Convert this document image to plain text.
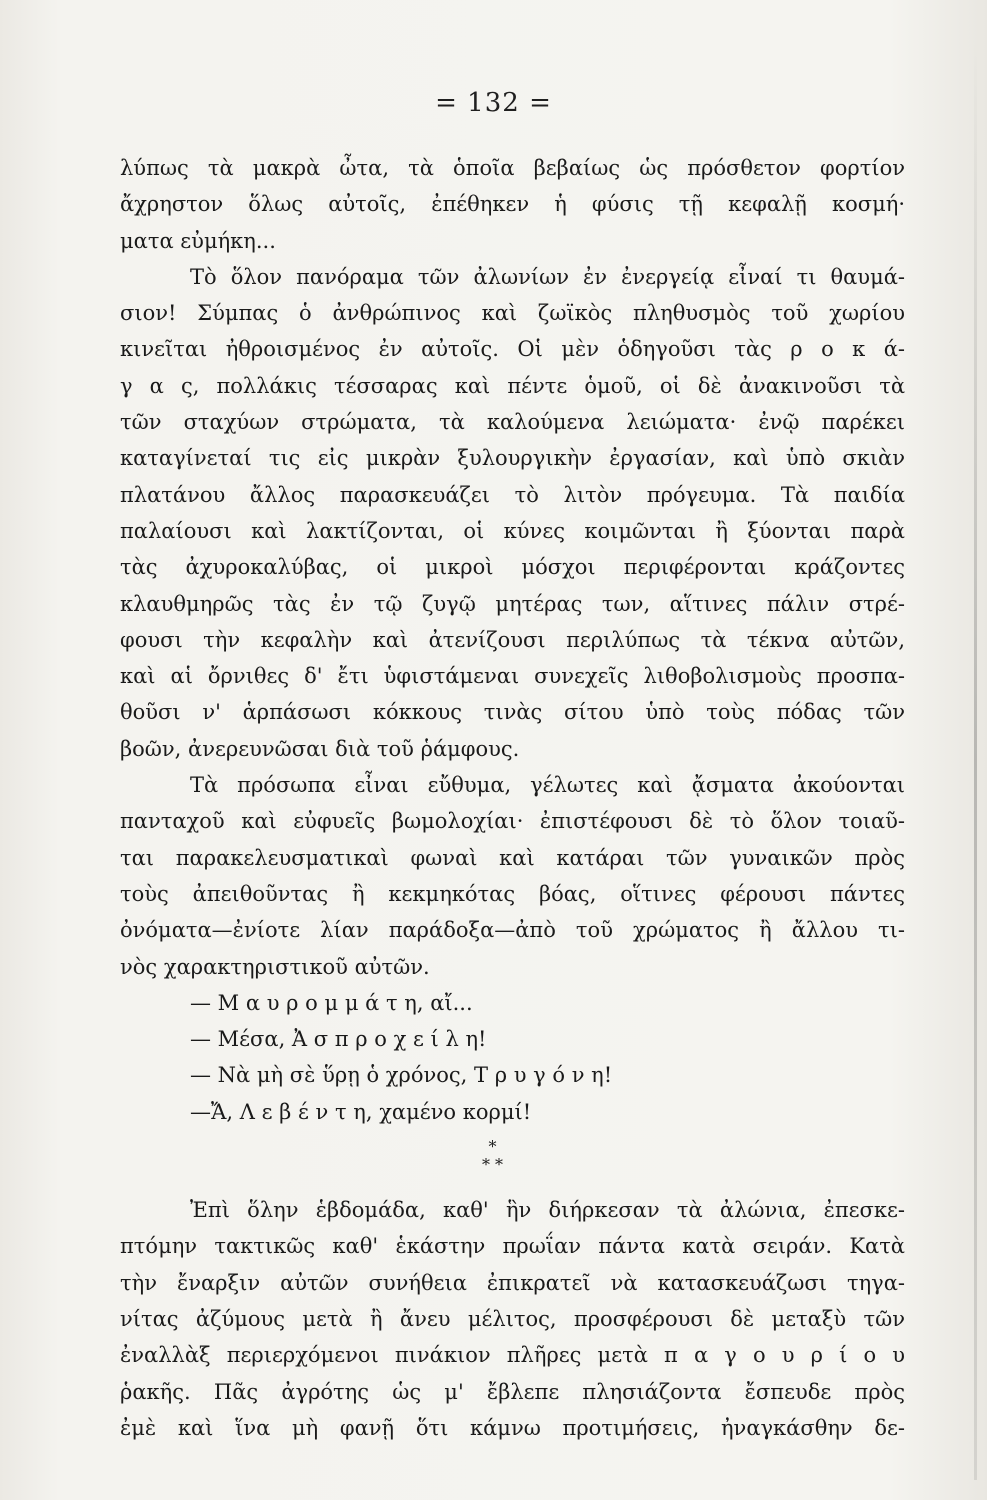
= 132 =
λύπως τὰ μακρὰ ὦτα, τὰ ὁποῖα βεβαίως ὡς πρόσθετον φορτίον
ἄχρηστον ὅλως αὐτοῖς, ἐπέθηκεν ἡ φύσις τῇ κεφαλῇ κοσμή·
ματα εὐμήκη...
Τὸ ὅλον πανόραμα τῶν ἀλωνίων ἐν ἐνεργείᾳ εἶναί τι θαυμά-
σιον! Σύμπας ὁ ἀνθρώπινος καὶ ζωϊκὸς πληθυσμὸς τοῦ χωρίου
κινεῖται ἠθροισμένος ἐν αὐτοῖς. Οἱ μὲν ὁδηγοῦσι τὰς ρ ο κ ά-
γ α ς, πολλάκις τέσσαρας καὶ πέντε ὁμοῦ, οἱ δὲ ἀνακινοῦσι τὰ
τῶν σταχύων στρώματα, τὰ καλούμενα λειώματα· ἐνῷ παρέκει
καταγίνεταί τις εἰς μικρὰν ξυλουργικὴν ἐργασίαν, καὶ ὑπὸ σκιὰν
πλατάνου ἄλλος παρασκευάζει τὸ λιτὸν πρόγευμα. Τὰ παιδία
παλαίουσι καὶ λακτίζονται, οἱ κύνες κοιμῶνται ἢ ξύονται παρὰ
τὰς ἀχυροκαλύβας, οἱ μικροὶ μόσχοι περιφέρονται κράζοντες
κλαυθμηρῶς τὰς ἐν τῷ ζυγῷ μητέρας των, αἵτινες πάλιν στρέ-
φουσι τὴν κεφαλὴν καὶ ἀτενίζουσι περιλύπως τὰ τέκνα αὐτῶν,
καὶ αἱ ὄρνιθες δ' ἔτι ὑφιστάμεναι συνεχεῖς λιθοβολισμοὺς προσπα-
θοῦσι ν' ἁρπάσωσι κόκκους τινὰς σίτου ὑπὸ τοὺς πόδας τῶν
βοῶν, ἀνερευνῶσαι διὰ τοῦ ῥάμφους.
Τὰ πρόσωπα εἶναι εὔθυμα, γέλωτες καὶ ᾄσματα ἀκούονται
πανταχοῦ καὶ εὐφυεῖς βωμολοχίαι· ἐπιστέφουσι δὲ τὸ ὅλον τοιαῦ-
ται παρακελευσματικαὶ φωναὶ καὶ κατάραι τῶν γυναικῶν πρὸς
τοὺς ἀπειθοῦντας ἢ κεκμηκότας βόας, οἵτινες φέρουσι πάντες
ὀνόματα—ἐνίοτε λίαν παράδοξα—ἀπὸ τοῦ χρώματος ἢ ἄλλου τι-
νὸς χαρακτηριστικοῦ αὐτῶν.
— Μ α υ ρ ο μ μ ά τ η, αἴ...
— Μέσα, Ἀ σ π ρ ο χ ε ί λ η!
— Νὰ μὴ σὲ ὕρῃ ὁ χρόνος, Τ ρ υ γ ό ν η!
—Ἄ, Λ ε β έ ν τ η, χαμένο κορμί!
*
* *
Ἐπὶ ὅλην ἑβδομάδα, καθ' ἣν διήρκεσαν τὰ ἀλώνια, ἐπεσκε-
πτόμην τακτικῶς καθ' ἑκάστην πρωΐαν πάντα κατὰ σειράν. Κατὰ
τὴν ἔναρξιν αὐτῶν συνήθεια ἐπικρατεῖ νὰ κατασκευάζωσι τηγα-
νίτας ἀζύμους μετὰ ἢ ἄνευ μέλιτος, προσφέρουσι δὲ μεταξὺ τῶν
ἐναλλὰξ περιερχόμενοι πινάκιον πλῆρες μετὰ π α γ ο υ ρ ί ο υ
ῥακῆς. Πᾶς ἀγρότης ὡς μ' ἔβλεπε πλησιάζοντα ἔσπευδε πρὸς
ἐμὲ καὶ ἵνα μὴ φανῇ ὅτι κάμνω προτιμήσεις, ἠναγκάσθην δε-
